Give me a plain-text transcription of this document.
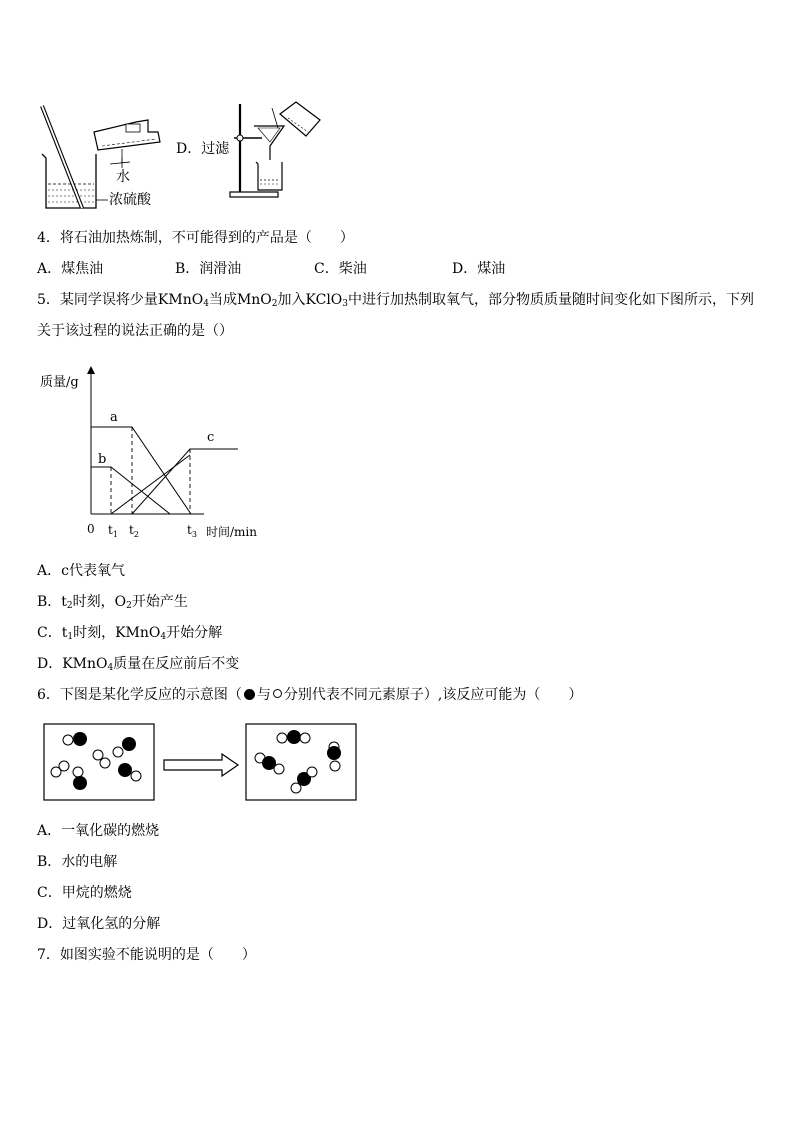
水
浓硫酸
D．过滤
4．将石油加热炼制，不可能得到的产品是（　　）
A．煤焦油	B．润滑油	C．柴油	D．煤油
5．某同学误将少量KMnO$_4$当成MnO$_2$加入KClO$_3$中进行加热制取氧气，部分物质质量随时间变化如下图所示，下列
关于该过程的说法正确的是（）
质量/g
时间/min
0 $t_1$ $t_2$	$t_3$
a
b
c
A．c代表氧气
B．$t_2$时刻，$O_2$开始产生
C．$t_1$时刻，KMnO$_4$开始分解
D．KMnO$_4$质量在反应前后不变
6．下图是某化学反应的示意图（ 与 分别代表不同元素原子）,该反应可能为（　　）
A．一氧化碳的燃烧
B．水的电解
C．甲烷的燃烧
D．过氧化氢的分解
7．如图实验不能说明的是（　　）
